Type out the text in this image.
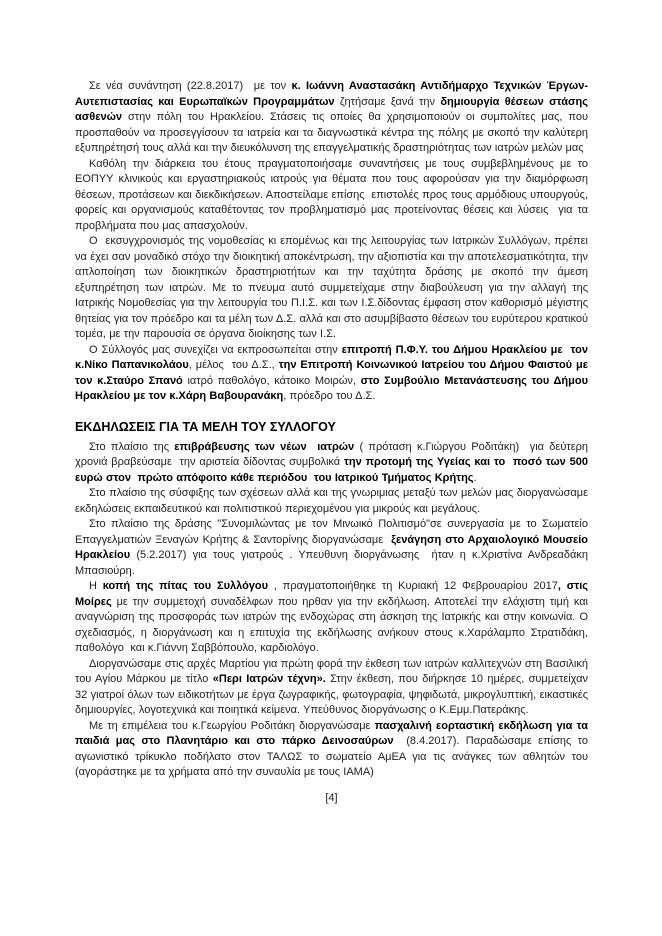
Σε νέα συνάντηση (22.8.2017)  με τον κ. Ιωάννη Αναστασάκη Αντιδήμαρχο Τεχνικών Έργων-Αυτεπιστασίας και Ευρωπαϊκών Προγραμμάτων ζητήσαμε ξανά την δημιουργία θέσεων στάσης ασθενών στην πόλη του Ηρακλείου. Στάσεις τις οποίες θα χρησιμοποιούν οι συμπολίτες μας, που προσπαθούν να προσεγγίσουν τα ιατρεία και τα διαγνωστικά κέντρα της πόλης με σκοπό την καλύτερη εξυπηρέτησή τους αλλά και την διευκόλυνση της επαγγελματικής δραστηριότητας των ιατρών μελών μας

Καθόλη την διάρκεια του έτους πραγματοποιήσαμε συναντήσεις με τους συμβεβλημένους με το ΕΟΠΥΥ κλινικούς και εργαστηριακούς ιατρούς για θέματα που τους αφορούσαν για την διαμόρφωση θέσεων, προτάσεων και διεκδικήσεων. Αποστείλαμε επίσης  επιστολές προς τους αρμόδιους υπουργούς, φορείς και οργανισμούς καταθέτοντας τον προβληματισμό μας προτείνοντας θέσεις και λύσεις  για τα προβλήματα που μας απασχολούν.

Ο  εκσυγχρονισμός της νομοθεσίας κι επομένως και της λειτουργίας των Ιατρικών Συλλόγων, πρέπει να έχει σαν μοναδικό στόχο την διοικητική αποκέντρωση, την αξιοπιστία και την αποτελεσματικότητα, την απλοποίηση των διοικητικών δραστηριοτήτων και την ταχύτητα δράσης με σκοπό την άμεση εξυπηρέτηση των ιατρών. Με το πνευμα αυτό συμμετείχαμε στην διαβούλευση για την αλλαγή της Ιατρικής Νομοθεσίας για την λειτουργία του Π.Ι.Σ. και των Ι.Σ.δίδοντας έμφαση στον καθορισμό μέγιστης θητείας για τον πρόεδρο και τα μέλη των Δ.Σ. αλλά και στο ασυμβίβαστο θέσεων του ευρύτερου κρατικού τομέα, με την παρουσία σε όργανα διοίκησης των Ι.Σ.

Ο Σύλλογός μας συνεχίζει να εκπροσωπείται στην επιτροπή Π.Φ.Υ. του Δήμου Ηρακλείου με  τον κ.Νίκο Παπανικολάου, μέλος  του Δ.Σ., την Επιτροπή Κοινωνικού Ιατρείου του Δήμου Φαιστού με τον κ.Σταύρο Σπανό ιατρό παθολόγο, κάτοικο Μοιρών, στο Συμβούλιο Μετανάστευσης του Δήμου Ηρακλείου με τον κ.Χάρη Βαβουρανάκη, πρόεδρο του Δ.Σ.

ΕΚΔΗΛΩΣΕΙΣ ΓΙΑ ΤΑ ΜΕΛΗ ΤΟΥ ΣΥΛΛΟΓΟΥ

Στο πλαίσιο της επιβράβευσης των νέων  ιατρών ( πρόταση κ.Γιώργου Ροδιτάκη)  για δεύτερη χρονιά βραβεύσαμε  την αριστεία δίδοντας συμβολικά την προτομή της Υγείας και το  ποσό των 500 ευρώ στον  πρώτο απόφοιτο κάθε περιόδου  του Ιατρικού Τμήματος Κρήτης.

Στο πλαίσιο της σύσφιξης των σχέσεων αλλά και της γνωριμιας μεταξύ των μελών μας διοργανώσαμε εκδηλώσεις εκπαιδευτικού και πολιτιστικού περιεχομένου για μικρούς και μεγάλους.

Στο πλαίσιο της δράσης "Συνομιλώντας με τον Μινωικό Πολιτισμό"σε συνεργασία με το Σωματείο Επαγγελματιών Ξεναγών Κρήτης & Σαντορίνης διοργανώσαμε  ξενάγηση στο Αρχαιολογικό Μουσείο Ηρακλείου (5.2.2017) για τους γιατρούς . Υπευθυνη διοργάνωσης  ήταν η κ.Χριστίνα Ανδρεαδάκη Μπασιούρη.

Η κοπή της πίτας του Συλλόγου , πραγματοποιήθηκε τη Κυριακή 12 Φεβρουαρίου 2017, στις Μοίρες με την συμμετοχή συναδέλφων που ηρθαν για την εκδήλωση. Αποτελεί την ελάχιστη τιμή και αναγνώριση της προσφοράς των ιατρών της ενδοχώρας στη άσκηση της Ιατρικής και στην κοινωνία. Ο σχεδιασμός, η διοργάνωση και η επιτυχία της εκδήλωσης ανήκουν στους κ.Χαράλαμπο Στρατιδάκη, παθολόγο  και κ.Γιάννη Σαββόπουλο, καρδιολόγο.

Διοργανώσαμε στις αρχές Μαρτίου για πρώτη φορά την έκθεση των ιατρών καλλιτεχνών στη Βασιλική του Αγίου Μάρκου με τίτλο «Περι Ιατρών τέχνη». Στην έκθεση, που διήρκησε 10 ημέρες, συμμετείχαν 32 γιατροί όλων των ειδικοτήτων με έργα ζωγραφικής, φωτογραφία, ψηφιδωτά, μικρογλυπτική, εικαστικές δημιουργίες, λογοτεχνικά και ποιητικά κείμενα. Υπεύθυνος διοργάνωσης ο Κ.Εμμ.Πατεράκης.

Με τη επιμέλεια του κ.Γεωργίου Ροδιτάκη διοργανώσαμε πασχαλινή εορταστική εκδήλωση για τα παιδιά μας στο Πλανητάριο και στο πάρκο Δεινοσαύρων  (8.4.2017). Παραδώσαμε επίσης το αγωνιστικό τρίκυκλο ποδήλατο στον ΤΑΛΩΣ το σωματείο ΑμΕΑ για τις ανάγκες των αθλητών του (αγοράστηκε με τα χρήματα από την συναυλία με τους ΙΑΜΑ)

[4]
